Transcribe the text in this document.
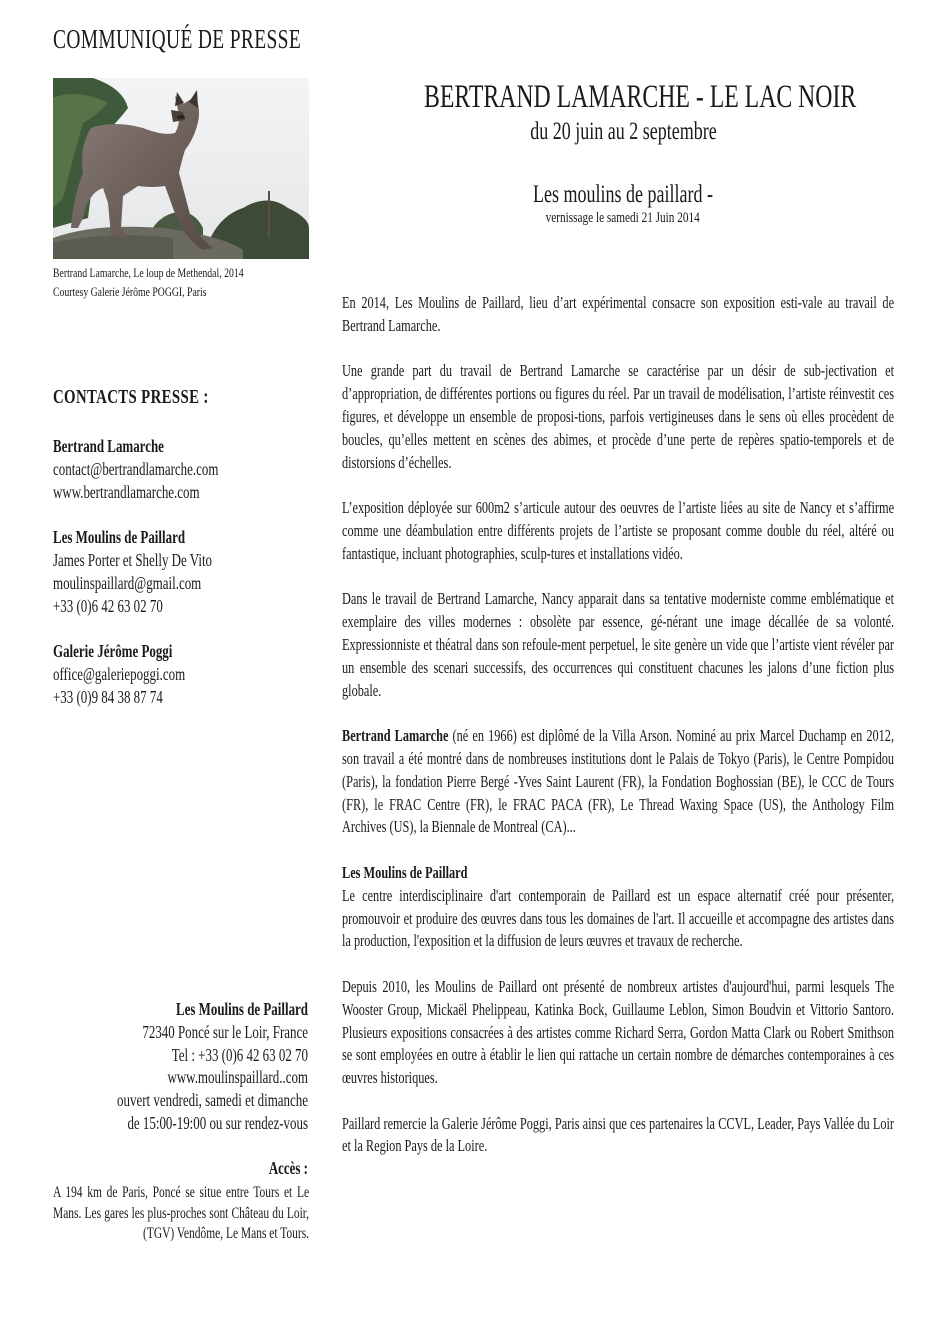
COMMUNIQUÉ DE PRESSE
Bertrand Lamarche, Le loup de Methendal, 2014
Courtesy Galerie Jérôme POGGI, Paris
BERTRAND LAMARCHE - LE LAC NOIR
du 20 juin au 2 septembre
Les moulins de paillard -
vernissage le samedi 21 Juin 2014

En 2014, Les Moulins de Paillard, lieu d’art expérimental consacre son exposition esti-vale au travail de Bertrand Lamarche.

Une grande part du travail de Bertrand Lamarche se caractérise par un désir de sub-jectivation et d’appropriation, de différentes portions ou figures du réel. Par un travail de modélisation, l’artiste réinvestit ces figures, et développe un ensemble de proposi-tions, parfois vertigineuses dans le sens où elles procèdent de boucles, qu’elles mettent en scènes des abimes, et procède d’une perte de repères spatio-temporels et de distorsions d’échelles.

L’exposition déployée sur 600m2 s’articule autour des oeuvres de l’artiste liées au site de Nancy et s’affirme comme une déambulation entre différents projets de l’artiste se proposant comme double du réel, altéré ou fantastique, incluant photographies, sculp-tures et installations vidéo.

Dans le travail de Bertrand Lamarche, Nancy apparait dans sa tentative moderniste comme emblématique et exemplaire des villes modernes : obsolète par essence, gé-nérant une image décallée de sa volonté. Expressionniste et théatral dans son refoule-ment perpetuel, le site genère un vide que l’artiste vient révéler par un ensemble des scenari successifs, des occurrences qui constituent chacunes les jalons d’une fiction plus globale.

Bertrand Lamarche (né en 1966) est diplômé de la Villa Arson. Nominé au prix Marcel Duchamp en 2012, son travail a été montré dans de nombreuses institutions dont le Palais de Tokyo (Paris), le Centre Pompidou (Paris), la fondation Pierre Bergé -Yves Saint Laurent (FR), la Fondation Boghossian (BE), le CCC de Tours (FR), le FRAC Centre (FR), le FRAC PACA (FR), Le Thread Waxing Space (US), the Anthology Film Archives (US), la Biennale de Montreal (CA)...

Les Moulins de Paillard
Le centre interdisciplinaire d'art contemporain de Paillard est un espace alternatif créé pour présenter, promouvoir et produire des œuvres dans tous les domaines de l'art. Il accueille et accompagne des artistes dans la production, l'exposition et la diffusion de leurs œuvres et travaux de recherche.

Depuis 2010, les Moulins de Paillard ont présenté de nombreux artistes d'aujourd'hui, parmi lesquels The Wooster Group, Mickaël Phelippeau, Katinka Bock, Guillaume Leblon, Simon Boudvin et Vittorio Santoro. Plusieurs expositions consacrées à des artistes comme Richard Serra, Gordon Matta Clark ou Robert Smithson se sont employées en outre à établir le lien qui rattache un certain nombre de démarches contemporaines à ces œuvres historiques.

Paillard remercie la Galerie Jérôme Poggi, Paris ainsi que ces partenaires la CCVL, Leader, Pays Vallée du Loir et la Region Pays de la Loire.

CONTACTS PRESSE :
Bertrand Lamarche
contact@bertrandlamarche.com
www.bertrandlamarche.com
Les Moulins de Paillard
James Porter et Shelly De Vito
moulinspaillard@gmail.com
+33 (0)6 42 63 02 70
Galerie Jérôme Poggi
office@galeriepoggi.com
+33 (0)9 84 38 87 74
Les Moulins de Paillard
72340 Poncé sur le Loir, France
Tel : +33 (0)6 42 63 02 70
www.moulinspaillard..com
ouvert vendredi, samedi et dimanche
de 15:00-19:00 ou sur rendez-vous
Accès :
A 194 km de Paris, Poncé se situe entre Tours et Le Mans. Les gares les plus-proches sont Château du Loir, (TGV) Vendôme, Le Mans et Tours.
